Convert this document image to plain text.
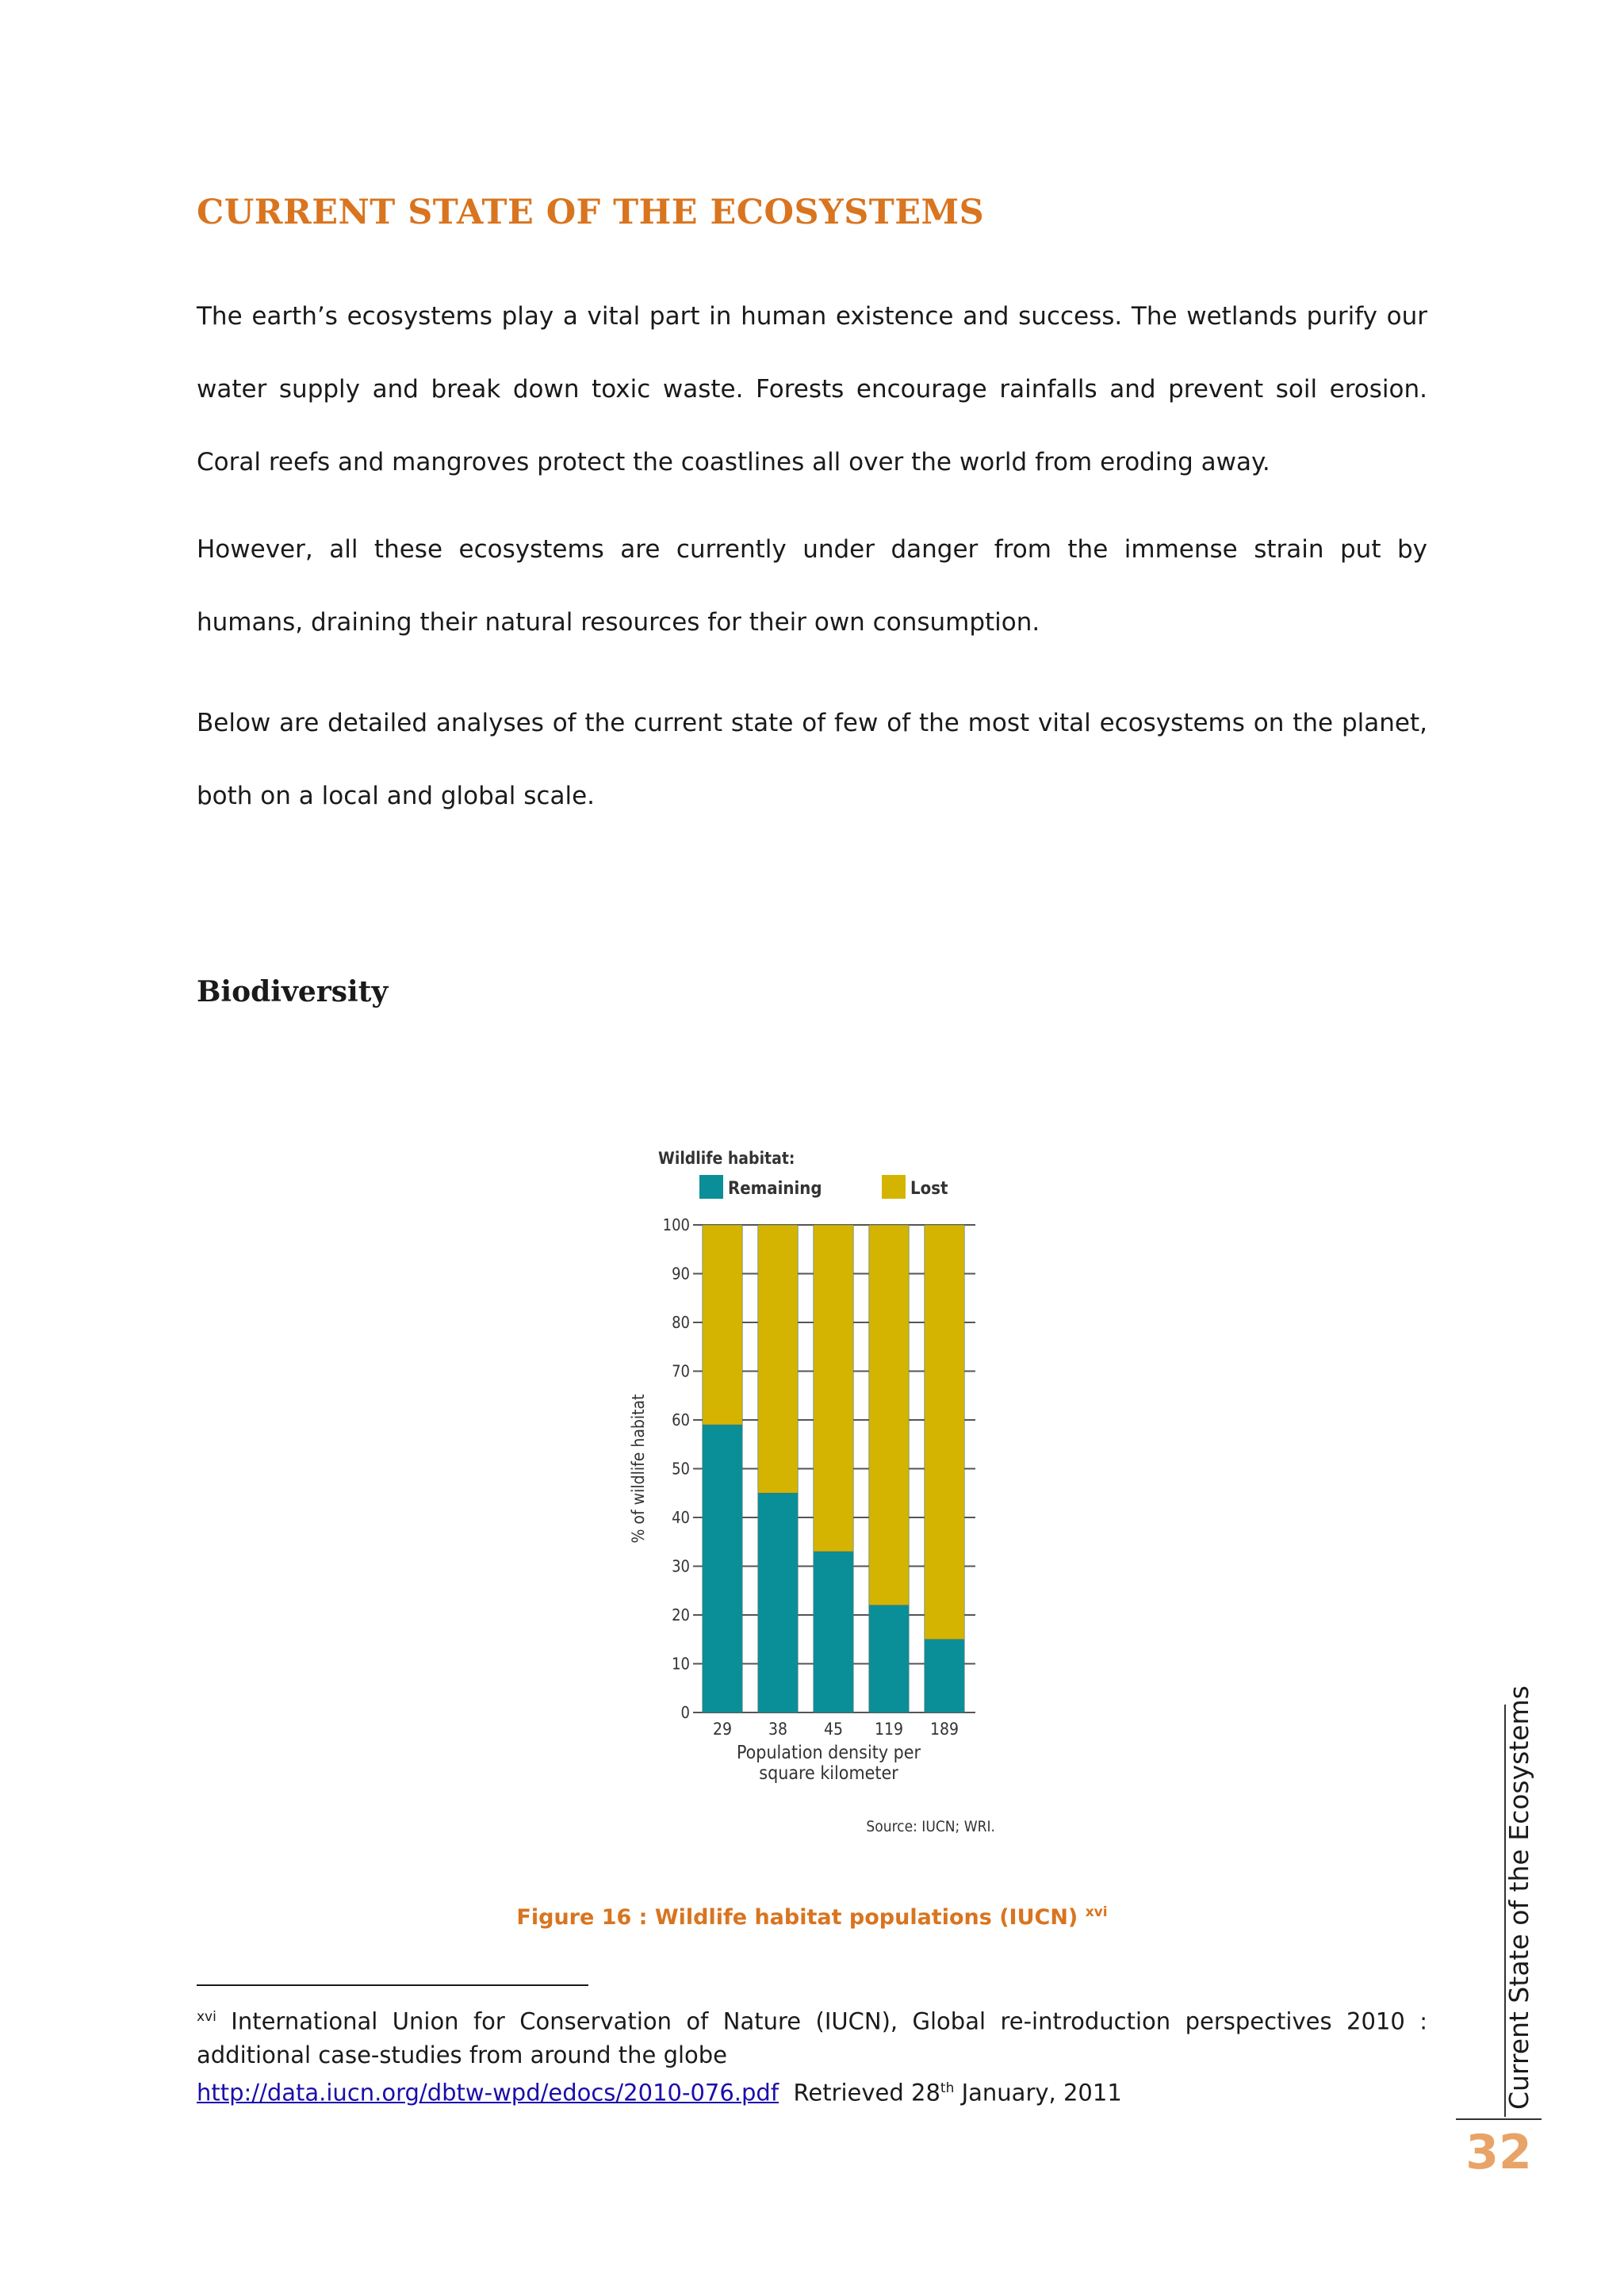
CURRENT STATE OF THE ECOSYSTEMS

The earth’s ecosystems play a vital part in human existence and success. The wetlands purify our water supply and break down toxic waste. Forests encourage rainfalls and prevent soil erosion. Coral reefs and mangroves protect the coastlines all over the world from eroding away.

However, all these ecosystems are currently under danger from the immense strain put by humans, draining their natural resources for their own consumption.

Below are detailed analyses of the current state of few of the most vital ecosystems on the planet, both on a local and global scale.

Biodiversity
Wildlife habitat:
Remaining	Lost
0
10
20
30
40
50
60
70
80
90
100
% of wildlife habitat
29 38 45 119 189
Population density per
square kilometer
Source: IUCN; WRI.

Figure 16 : Wildlife habitat populations (IUCN) $^{xvi}$

$^{xvi}$ International Union for Conservation of Nature (IUCN), Global re-introduction perspectives 2010 : additional case-studies from around the globe

http://data.iucn.org/dbtw-wpd/edocs/2010-076.pdf  Retrieved 28th January, 2011	Current State of the Ecosystems

32
